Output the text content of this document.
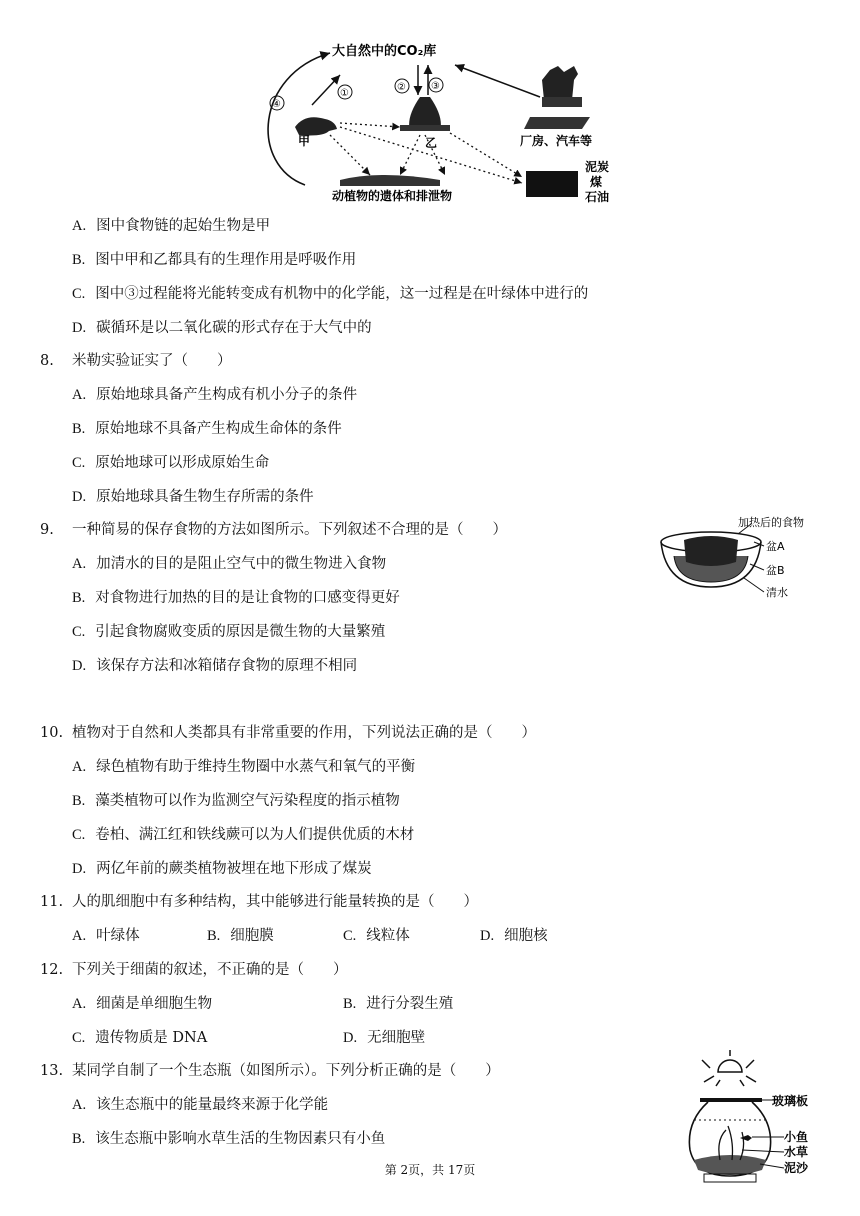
大自然中的CO₂库
④
①
②	③
甲	乙	厂房、汽车等
动植物的遗体和排泄物
泥炭
煤
石油
A. 图中食物链的起始生物是甲
B. 图中甲和乙都具有的生理作用是呼吸作用
C. 图中③过程能将光能转变成有机物中的化学能，这一过程是在叶绿体中进行的
D. 碳循环是以二氧化碳的形式存在于大气中的
8. 米勒实验证实了（　　）
A. 原始地球具备产生构成有机小分子的条件
B. 原始地球不具备产生构成生命体的条件
C. 原始地球可以形成原始生命
D. 原始地球具备生物生存所需的条件
9. 一种简易的保存食物的方法如图所示。下列叙述不合理的是（　　）
A. 加清水的目的是阻止空气中的微生物进入食物
B. 对食物进行加热的目的是让食物的口感变得更好
C. 引起食物腐败变质的原因是微生物的大量繁殖
D. 该保存方法和冰箱储存食物的原理不相同
加热后的食物
盆A
盆B
清水
10. 植物对于自然和人类都具有非常重要的作用，下列说法正确的是（　　）
A. 绿色植物有助于维持生物圈中水蒸气和氧气的平衡
B. 藻类植物可以作为监测空气污染程度的指示植物
C. 卷柏、满江红和铁线蕨可以为人们提供优质的木材
D. 两亿年前的蕨类植物被埋在地下形成了煤炭
11. 人的肌细胞中有多种结构，其中能够进行能量转换的是（　　）
A. 叶绿体	B. 细胞膜	C. 线粒体	D. 细胞核
12. 下列关于细菌的叙述，不正确的是（　　）
A. 细菌是单细胞生物	B. 进行分裂生殖
C. 遗传物质是 DNA	D. 无细胞壁
13. 某同学自制了一个生态瓶（如图所示）。下列分析正确的是（　　）
A. 该生态瓶中的能量最终来源于化学能
B. 该生态瓶中影响水草生活的生物因素只有小鱼
玻璃板
小鱼
水草
泥沙
第 2页，共 17页
